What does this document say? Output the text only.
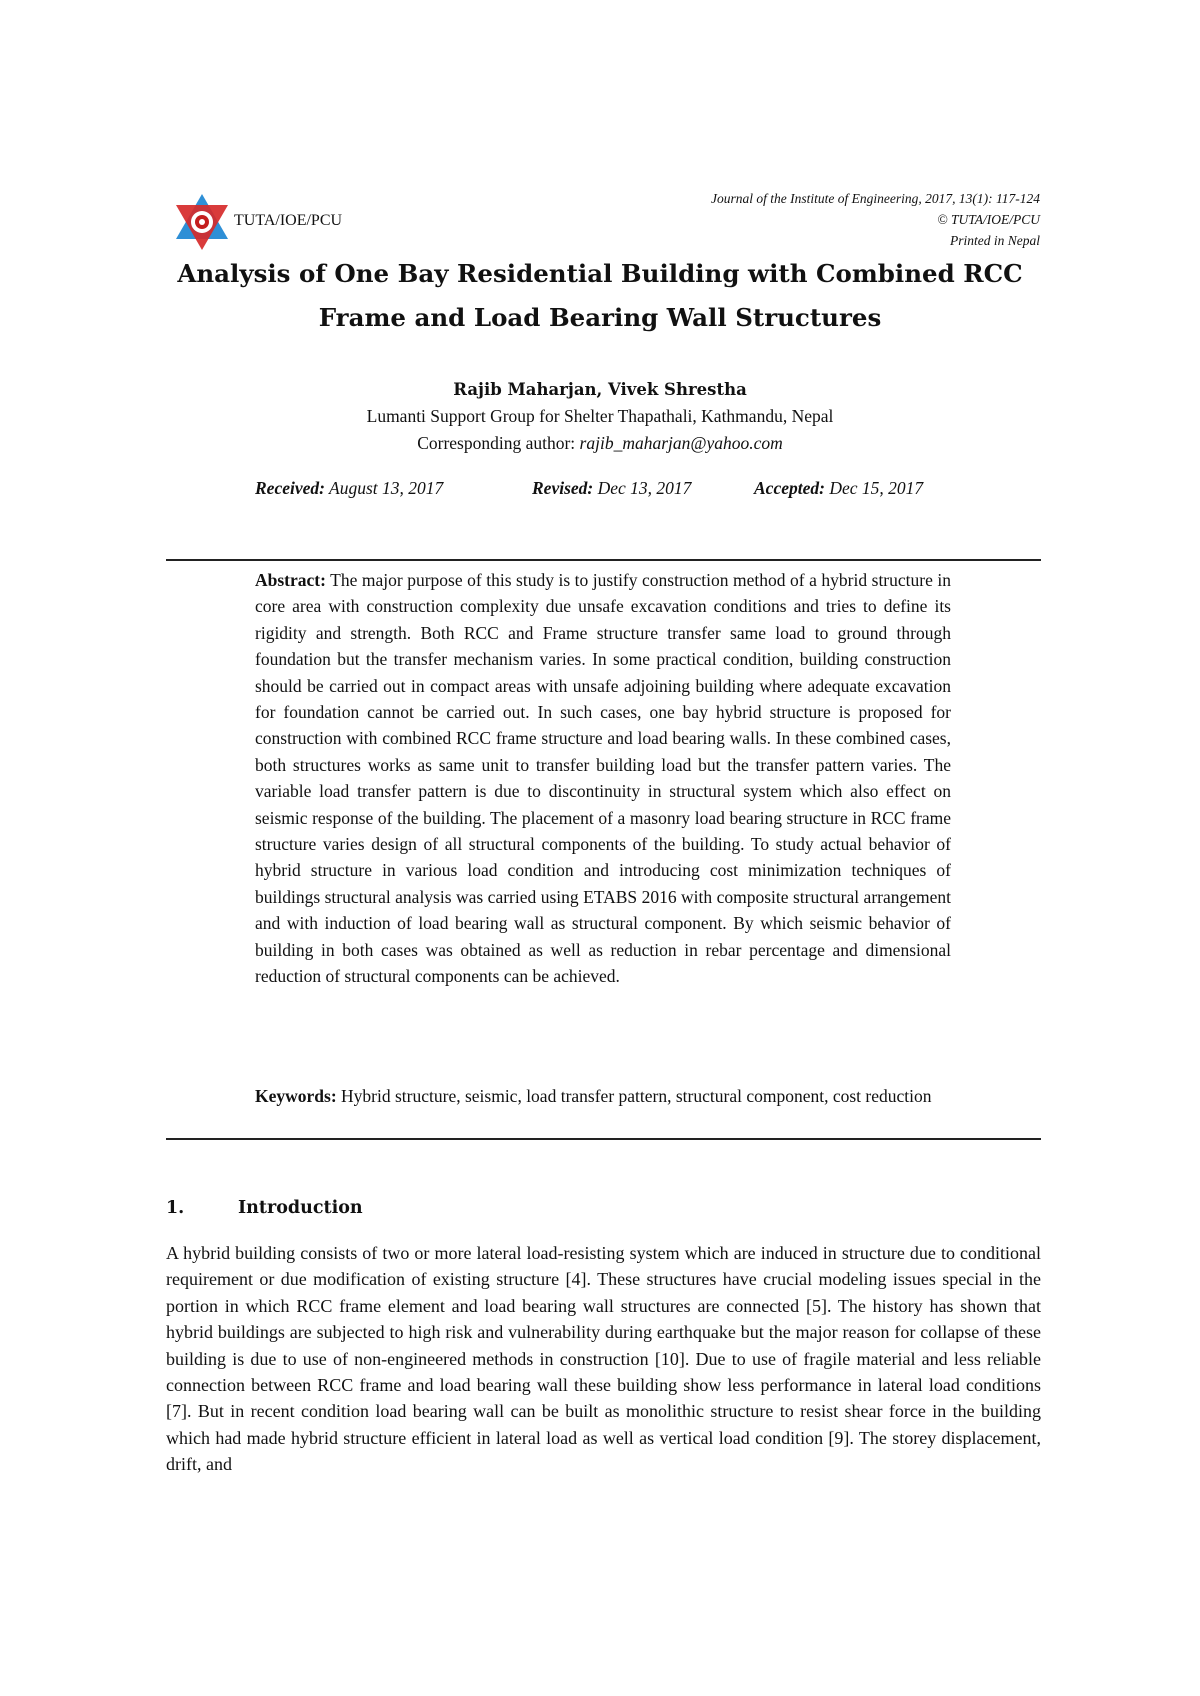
TUTA/IOE/PCU
Journal of the Institute of Engineering, 2017, 13(1): 117-124
© TUTA/IOE/PCU
Printed in Nepal
Analysis of One Bay Residential Building with Combined RCC Frame and Load Bearing Wall Structures
Rajib Maharjan, Vivek Shrestha
Lumanti Support Group for Shelter Thapathali, Kathmandu, Nepal
Corresponding author: rajib_maharjan@yahoo.com
Received: August 13, 2017	Revised: Dec 13, 2017	Accepted: Dec 15, 2017

Abstract: The major purpose of this study is to justify construction method of a hybrid structure in core area with construction complexity due unsafe excavation conditions and tries to define its rigidity and strength. Both RCC and Frame structure transfer same load to ground through foundation but the transfer mechanism varies. In some practical condition, building construction should be carried out in compact areas with unsafe adjoining building where adequate excavation for foundation cannot be carried out. In such cases, one bay hybrid structure is proposed for construction with combined RCC frame structure and load bearing walls. In these combined cases, both structures works as same unit to transfer building load but the transfer pattern varies. The variable load transfer pattern is due to discontinuity in structural system which also effect on seismic response of the building. The placement of a masonry load bearing structure in RCC frame structure varies design of all structural components of the building. To study actual behavior of hybrid structure in various load condition and introducing cost minimization techniques of buildings structural analysis was carried using ETABS 2016 with composite structural arrangement and with induction of load bearing wall as structural component. By which seismic behavior of building in both cases was obtained as well as reduction in rebar percentage and dimensional reduction of structural components can be achieved.

Keywords: Hybrid structure, seismic, load transfer pattern, structural component, cost reduction

1.	Introduction

A hybrid building consists of two or more lateral load-resisting system which are induced in structure due to conditional requirement or due modification of existing structure [4]. These structures have crucial modeling issues special in the portion in which RCC frame element and load bearing wall structures are connected [5]. The history has shown that hybrid buildings are subjected to high risk and vulnerability during earthquake but the major reason for collapse of these building is due to use of non-engineered methods in construction [10]. Due to use of fragile material and less reliable connection between RCC frame and load bearing wall these building show less performance in lateral load conditions [7]. But in recent condition load bearing wall can be built as monolithic structure to resist shear force in the building which had made hybrid structure efficient in lateral load as well as vertical load condition [9]. The storey displacement, drift, and
